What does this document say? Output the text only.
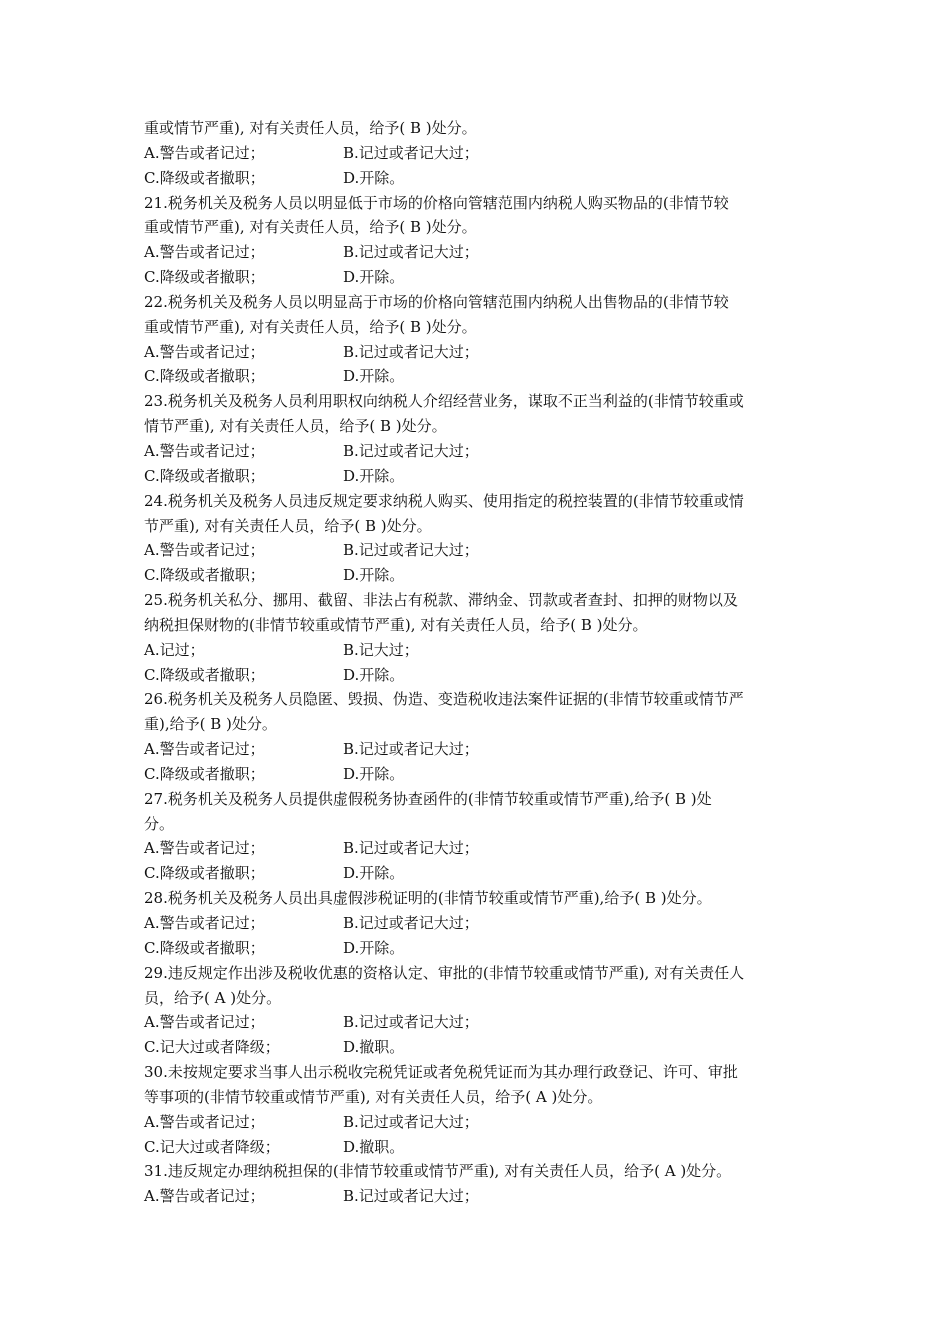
重或情节严重), 对有关责任人员，给予( B )处分。
A.警告或者记过；	B.记过或者记大过；
C.降级或者撤职；	D.开除。
21.税务机关及税务人员以明显低于市场的价格向管辖范围内纳税人购买物品的(非情节较
重或情节严重), 对有关责任人员，给予( B )处分。
A.警告或者记过；	B.记过或者记大过；
C.降级或者撤职；	D.开除。
22.税务机关及税务人员以明显高于市场的价格向管辖范围内纳税人出售物品的(非情节较
重或情节严重), 对有关责任人员，给予( B )处分。
A.警告或者记过；	B.记过或者记大过；
C.降级或者撤职；	D.开除。
23.税务机关及税务人员利用职权向纳税人介绍经营业务，谋取不正当利益的(非情节较重或
情节严重), 对有关责任人员，给予( B )处分。
A.警告或者记过；	B.记过或者记大过；
C.降级或者撤职；	D.开除。
24.税务机关及税务人员违反规定要求纳税人购买、使用指定的税控装置的(非情节较重或情
节严重), 对有关责任人员，给予( B )处分。
A.警告或者记过；	B.记过或者记大过；
C.降级或者撤职；	D.开除。
25.税务机关私分、挪用、截留、非法占有税款、滞纳金、罚款或者查封、扣押的财物以及
纳税担保财物的(非情节较重或情节严重), 对有关责任人员，给予( B )处分。
A.记过；	B.记大过；
C.降级或者撤职；	D.开除。
26.税务机关及税务人员隐匿、毁损、伪造、变造税收违法案件证据的(非情节较重或情节严
重),给予( B )处分。
A.警告或者记过；	B.记过或者记大过；
C.降级或者撤职；	D.开除。
27.税务机关及税务人员提供虚假税务协查函件的(非情节较重或情节严重),给予( B )处
分。
A.警告或者记过；	B.记过或者记大过；
C.降级或者撤职；	D.开除。
28.税务机关及税务人员出具虚假涉税证明的(非情节较重或情节严重),给予( B )处分。
A.警告或者记过；	B.记过或者记大过；
C.降级或者撤职；	D.开除。
29.违反规定作出涉及税收优惠的资格认定、审批的(非情节较重或情节严重), 对有关责任人
员，给予( A )处分。
A.警告或者记过；	B.记过或者记大过；
C.记大过或者降级；	D.撤职。
30.未按规定要求当事人出示税收完税凭证或者免税凭证而为其办理行政登记、许可、审批
等事项的(非情节较重或情节严重), 对有关责任人员，给予( A )处分。
A.警告或者记过；	B.记过或者记大过；
C.记大过或者降级；	D.撤职。
31.违反规定办理纳税担保的(非情节较重或情节严重), 对有关责任人员，给予( A )处分。
A.警告或者记过；	B.记过或者记大过；
